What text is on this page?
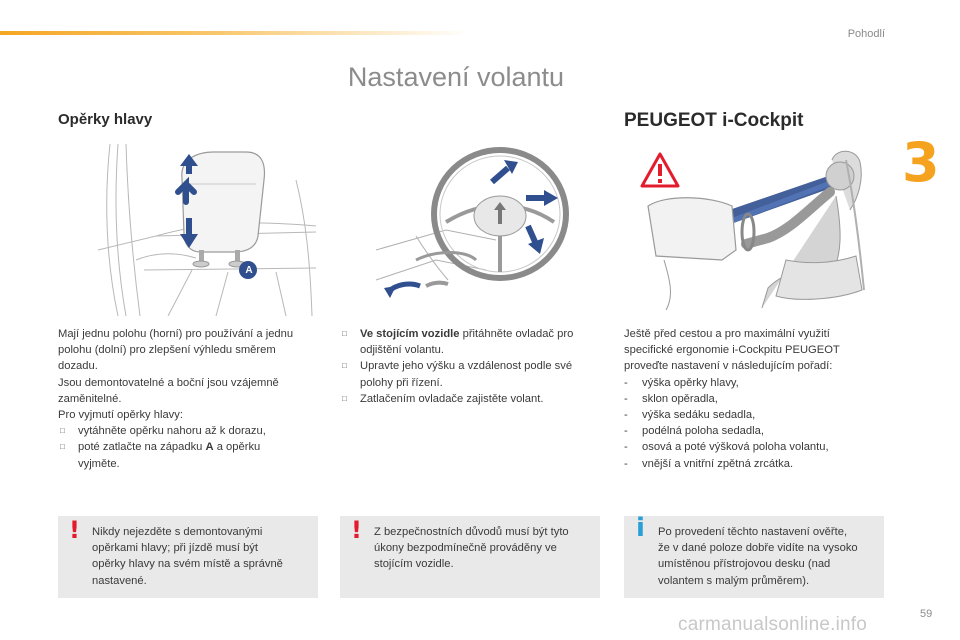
Pohodlí
3
Nastavení volantu
Opěrky hlavy
A

Mají jednu polohu (horní) pro používání a jednu

polohu (dolní) pro zlepšení výhledu směrem

dozadu.

Jsou demontovatelné a boční jsou vzájemně

zaměnitelné.

Pro vyjmutí opěrky hlavy:

□ vytáhněte opěrku nahoru až k dorazu,
□ poté zatlačte na západku A a opěrku
vyjměte.
! Nikdy nejezděte s demontovanými

opěrkami hlavy; při jízdě musí být

opěrky hlavy na svém místě a správně

nastavené.

□ Ve stojícím vozidle přitáhněte ovladač pro
odjištění volantu.
□ Upravte jeho výšku a vzdálenost podle své
polohy při řízení.
□ Zatlačením ovladače zajistěte volant.
! Z bezpečnostních důvodů musí být tyto

úkony bezpodmínečně prováděny ve

stojícím vozidle.

PEUGEOT i-Cockpit

Ještě před cestou a pro maximální využití

specifické ergonomie i-Cockpitu PEUGEOT

proveďte nastavení v následujícím pořadí:

- výška opěrky hlavy,
- sklon opěradla,
- výška sedáku sedadla,
- podélná poloha sedadla,
- osová a poté výšková poloha volantu,
- vnější a vnitřní zpětná zrcátka.
i Po provedení těchto nastavení ověřte,

že v dané poloze dobře vidíte na vysoko

umístěnou přístrojovou desku (nad

volantem s malým průměrem).

carmanualsonline.info	59
